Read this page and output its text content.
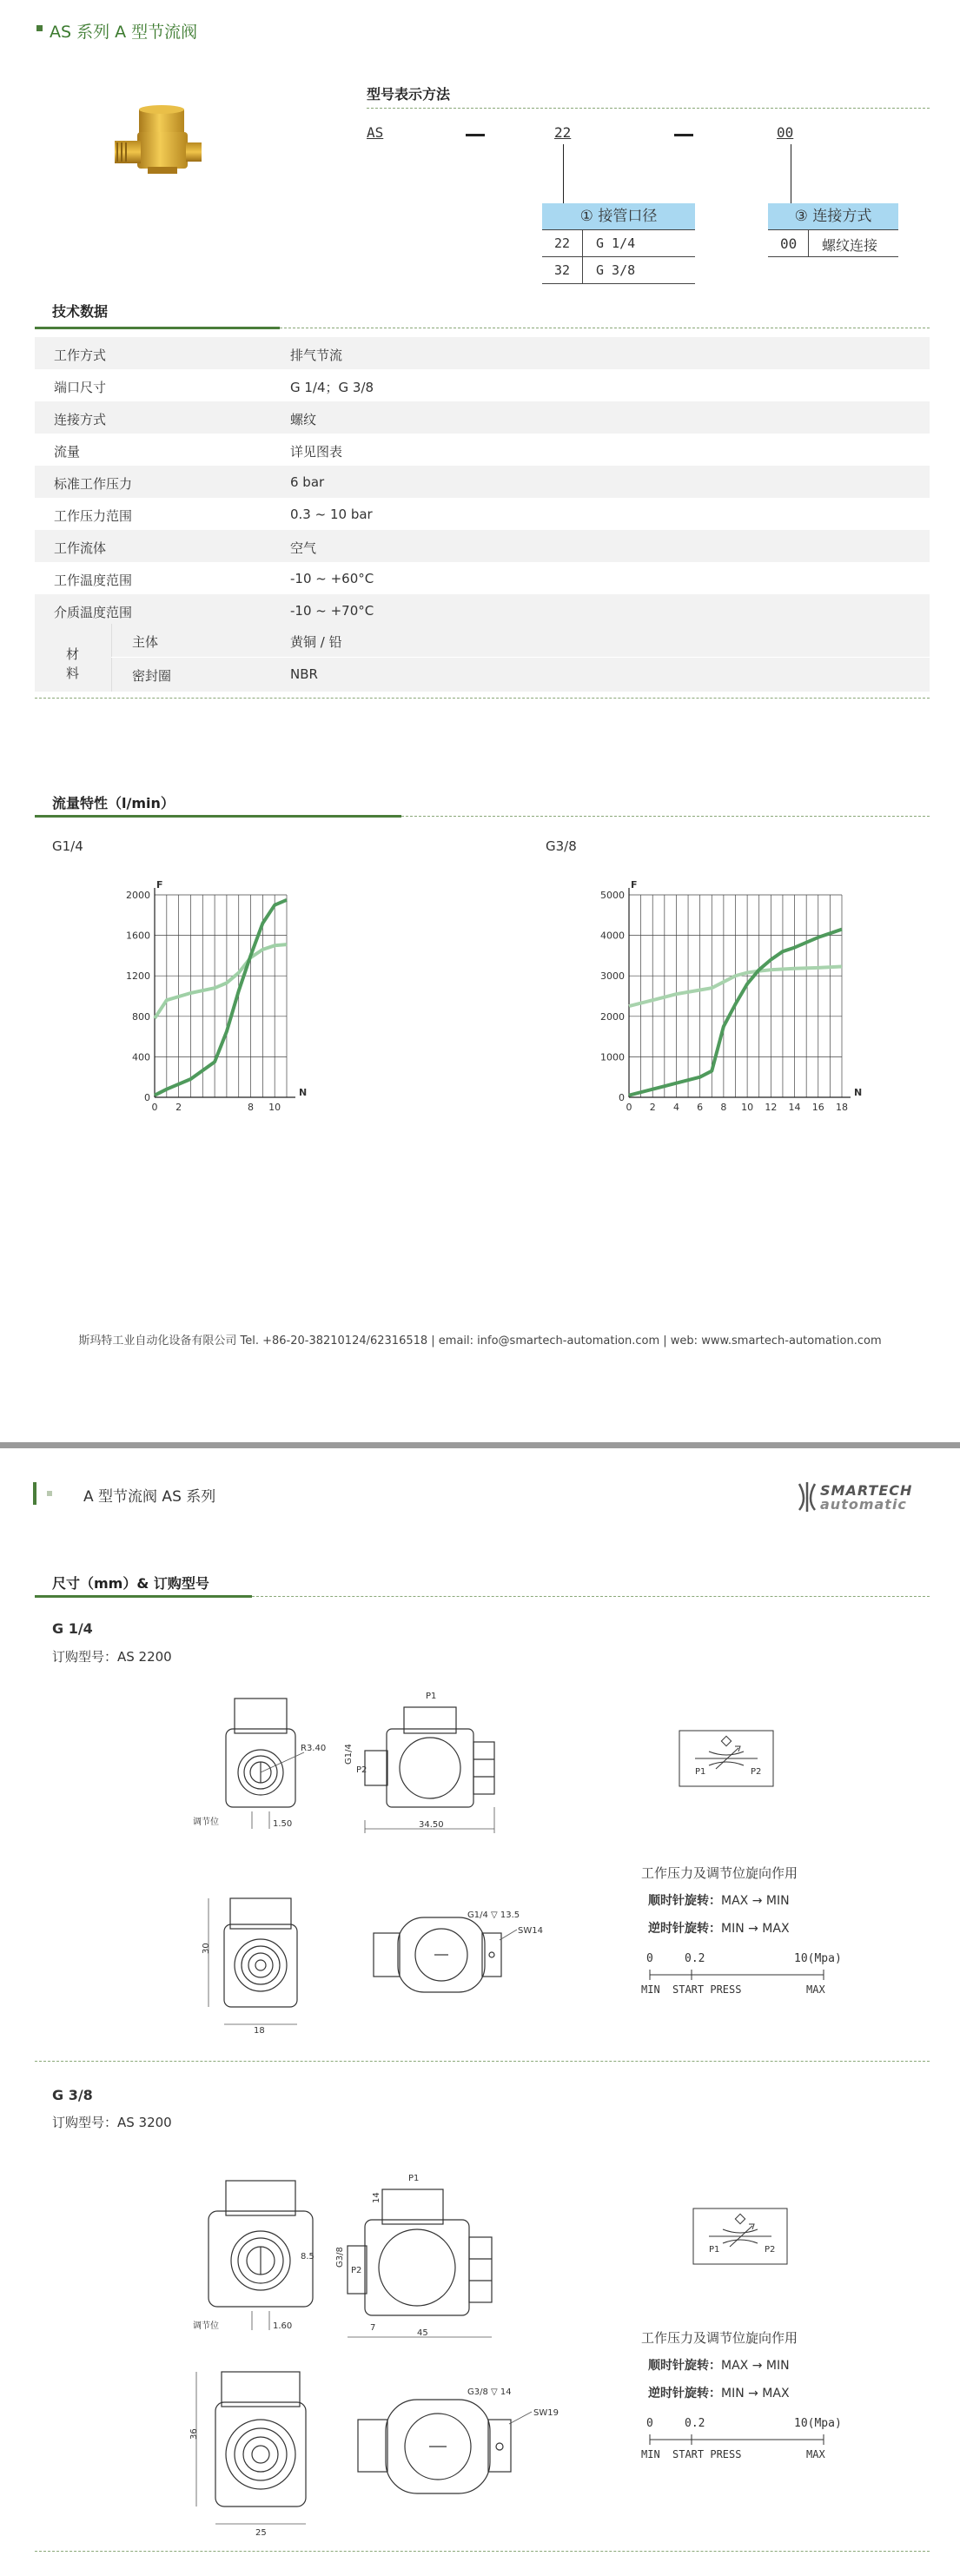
AS 系列 A 型节流阀
型号表示方法
AS	22	00
① 接管口径
22 G 1/4
32 G 3/8
③ 连接方式
00 螺纹连接
技术数据
工作方式	排气节流
端口尺寸	G 1/4；G 3/8
连接方式	螺纹
流量	详见图表
标准工作压力	6 bar
工作压力范围	0.3 ~ 10 bar
工作流体	空气
工作温度范围	-10 ~ +60°C
介质温度范围	-10 ~ +70°C
材
料
主体	黄铜 / 铅
密封圈	NBR
流量特性（l/min）
G1/4	G3/8
0
400
800
1200
1600
2000
0 2	8 10
F
N	0
1000
2000
3000
4000
5000
0 2 4 6 8 10 12 14 16 18
F
N
斯玛特工业自动化设备有限公司 Tel. +86-20-38210124/62316518 | email: info@smartech-automation.com | web: www.smartech-automation.com
A 型节流阀 AS 系列	SMARTECH
automatic
尺寸（mm）& 订购型号
G 1/4
订购型号：AS 2200
R3.40
1.50
调节位
P1
P2
G1/4
34.50
30
18
G1/4 ▽ 13.5
SW14
P1	P2
工作压力及调节位旋向作用
顺时针旋转：MAX → MIN
逆时针旋转：MIN → MAX
0	0.2	10(Mpa)
MIN START PRESS	MAX
G 3/8
订购型号：AS 3200
8.5
1.60
调节位
P1
P2
G3/8
14
7
45
36
25
G3/8 ▽ 14
SW19
P1	P2
工作压力及调节位旋向作用
顺时针旋转：MAX → MIN
逆时针旋转：MIN → MAX
0	0.2	10(Mpa)
MIN START PRESS	MAX
